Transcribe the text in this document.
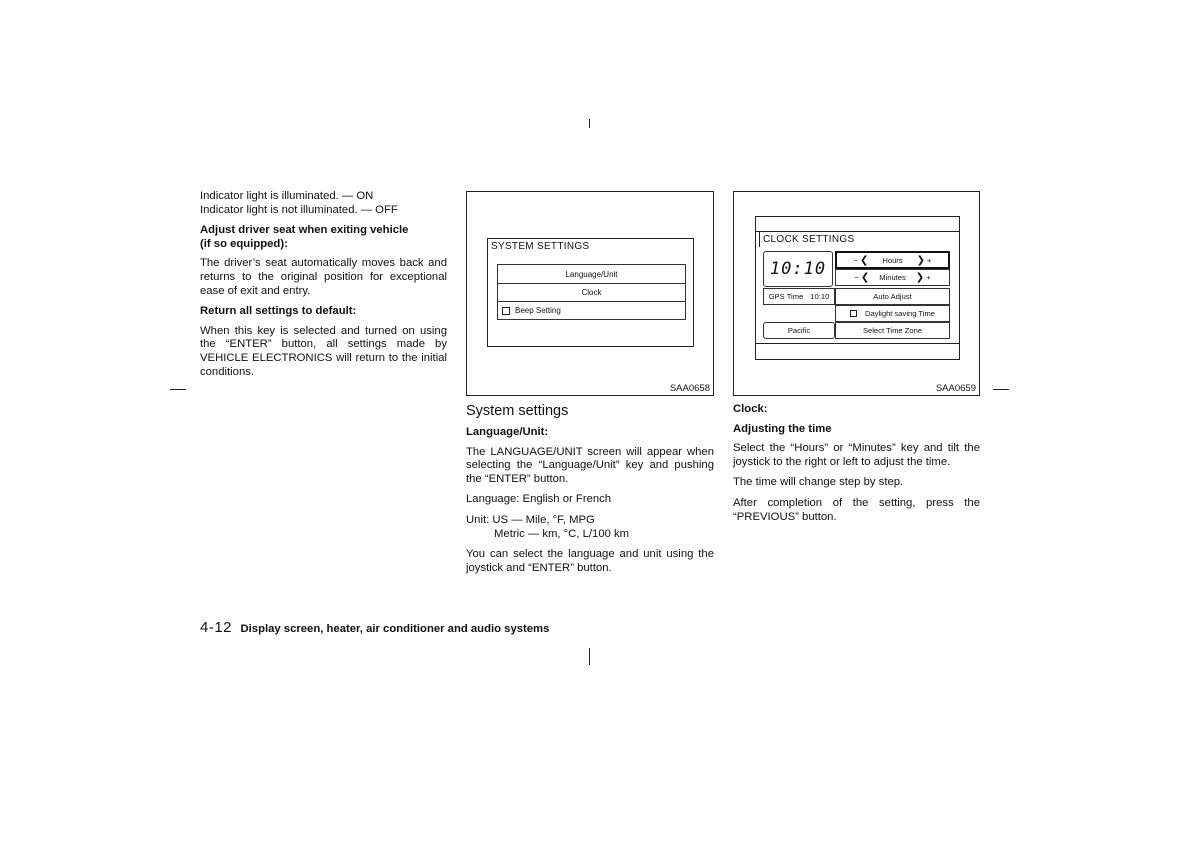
Indicator light is illuminated. — ON

Indicator light is not illuminated. — OFF

Adjust driver seat when exiting vehicle
(if so equipped):

The driver’s seat automatically moves back and returns to the original position for exceptional ease of exit and entry.

Return all settings to default:

When this key is selected and turned on using the “ENTER” button, all settings made by VEHICLE ELECTRONICS will return to the initial conditions.

SYSTEM SETTINGS
Language/Unit
Clock
Beep Setting
SAA0658
CLOCK SETTINGS
10:10	− ❮ Hours ❯ +
− ❮ Minutes ❯ +
GPS Time 10:10	Auto Adjust
Daylight saving Time
Pacific	Select Time Zone
SAA0659
System settings

Language/Unit:

The LANGUAGE/UNIT screen will appear when selecting the “Language/Unit” key and pushing the “ENTER” button.

Language: English or French

Unit: US — Mile, °F, MPG

Metric — km, °C, L/100 km

You can select the language and unit using the joystick and “ENTER” button.

Clock:

Adjusting the time

Select the “Hours” or “Minutes” key and tilt the joystick to the right or left to adjust the time.

The time will change step by step.

After completion of the setting, press the “PREVIOUS” button.

4-12 Display screen, heater, air conditioner and audio systems
